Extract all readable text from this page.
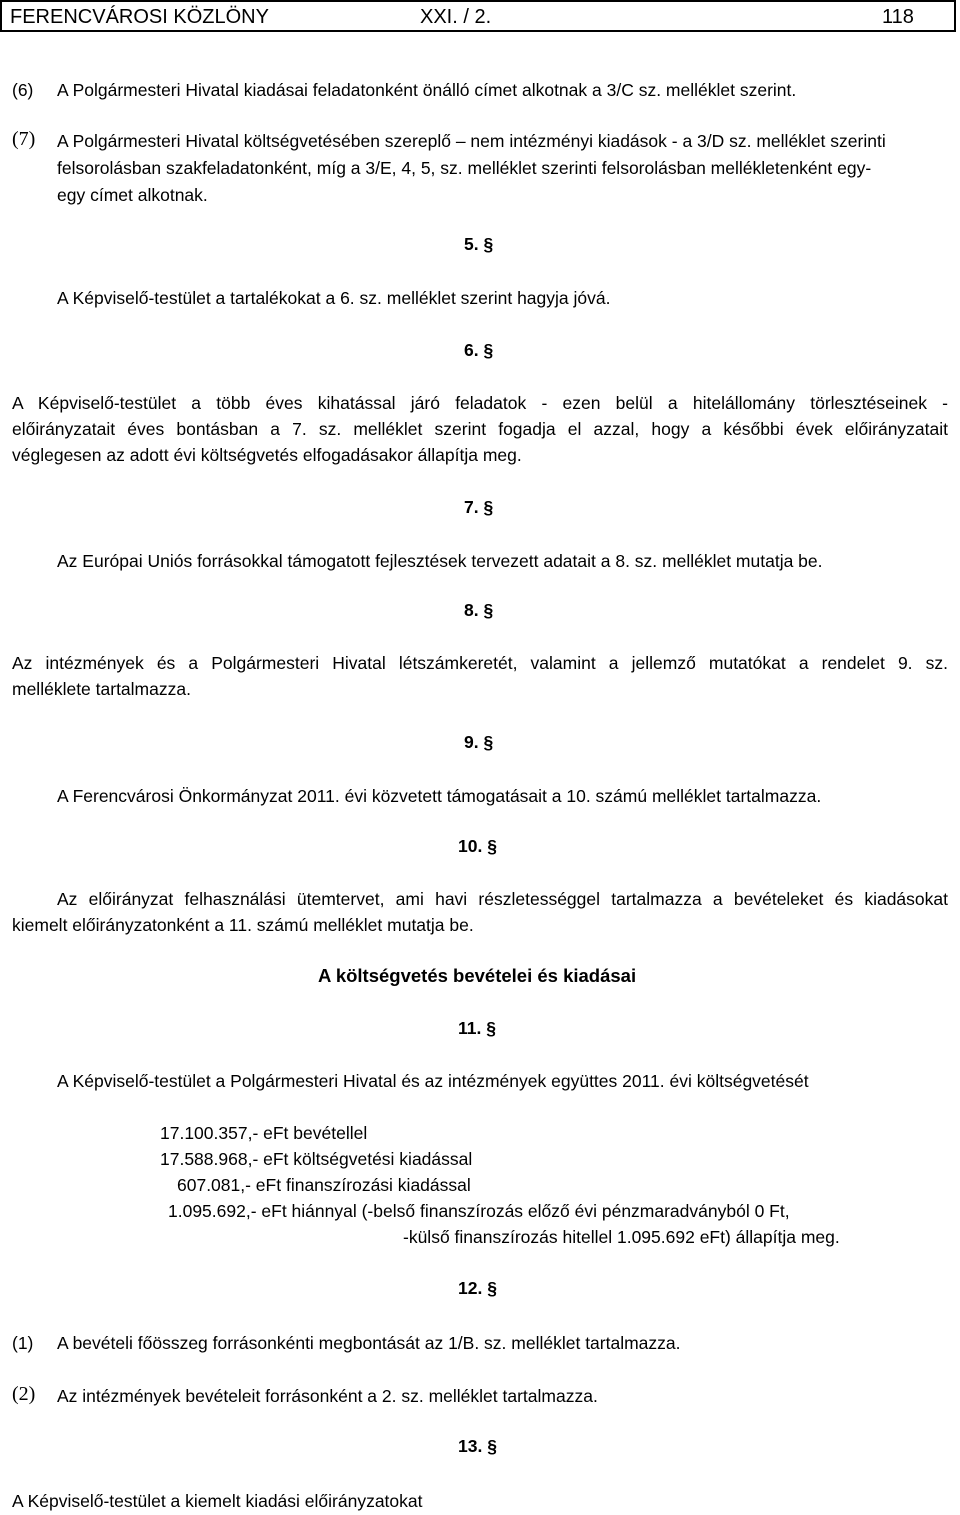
FERENCVÁROSI KÖZLÖNY	XXI. / 2.	118
(6) A Polgármesteri Hivatal kiadásai feladatonként önálló címet alkotnak a 3/C sz. melléklet szerint.
(7) A Polgármesteri Hivatal költségvetésében szereplő – nem intézményi kiadások - a 3/D sz. melléklet szerinti
felsorolásban szakfeladatonként, míg a 3/E, 4, 5, sz. melléklet szerinti felsorolásban mellékletenként egy-
egy címet alkotnak.
5. §
A Képviselő-testület a tartalékokat a 6. sz. melléklet szerint hagyja jóvá.
6. §
A Képviselő-testület a több éves kihatással járó feladatok - ezen belül a hitelállomány törlesztéseinek -
előirányzatait éves bontásban a 7. sz. melléklet szerint fogadja el azzal, hogy a későbbi évek előirányzatait
véglegesen az adott évi költségvetés elfogadásakor állapítja meg.
7. §
Az Európai Uniós forrásokkal támogatott fejlesztések tervezett adatait a 8. sz. melléklet mutatja be.
8. §
Az intézmények és a Polgármesteri Hivatal létszámkeretét, valamint a jellemző mutatókat a rendelet 9. sz.
melléklete tartalmazza.
9. §
A Ferencvárosi Önkormányzat 2011. évi közvetett támogatásait a 10. számú melléklet tartalmazza.
10. §
Az előirányzat felhasználási ütemtervet, ami havi részletességgel tartalmazza a bevételeket és kiadásokat
kiemelt előirányzatonként a 11. számú melléklet mutatja be.
A költségvetés bevételei és kiadásai
11. §
A Képviselő-testület a Polgármesteri Hivatal és az intézmények együttes 2011. évi költségvetését
17.100.357,- eFt bevétellel
17.588.968,- eFt költségvetési kiadással
607.081,- eFt finanszírozási kiadással
1.095.692,- eFt hiánnyal (-belső finanszírozás előző évi pénzmaradványból 0 Ft,
-külső finanszírozás hitellel 1.095.692 eFt) állapítja meg.
12. §
(1) A bevételi főösszeg forrásonkénti megbontását az 1/B. sz. melléklet tartalmazza.
(2) Az intézmények bevételeit forrásonként a 2. sz. melléklet tartalmazza.
13. §
A Képviselő-testület a kiemelt kiadási előirányzatokat
